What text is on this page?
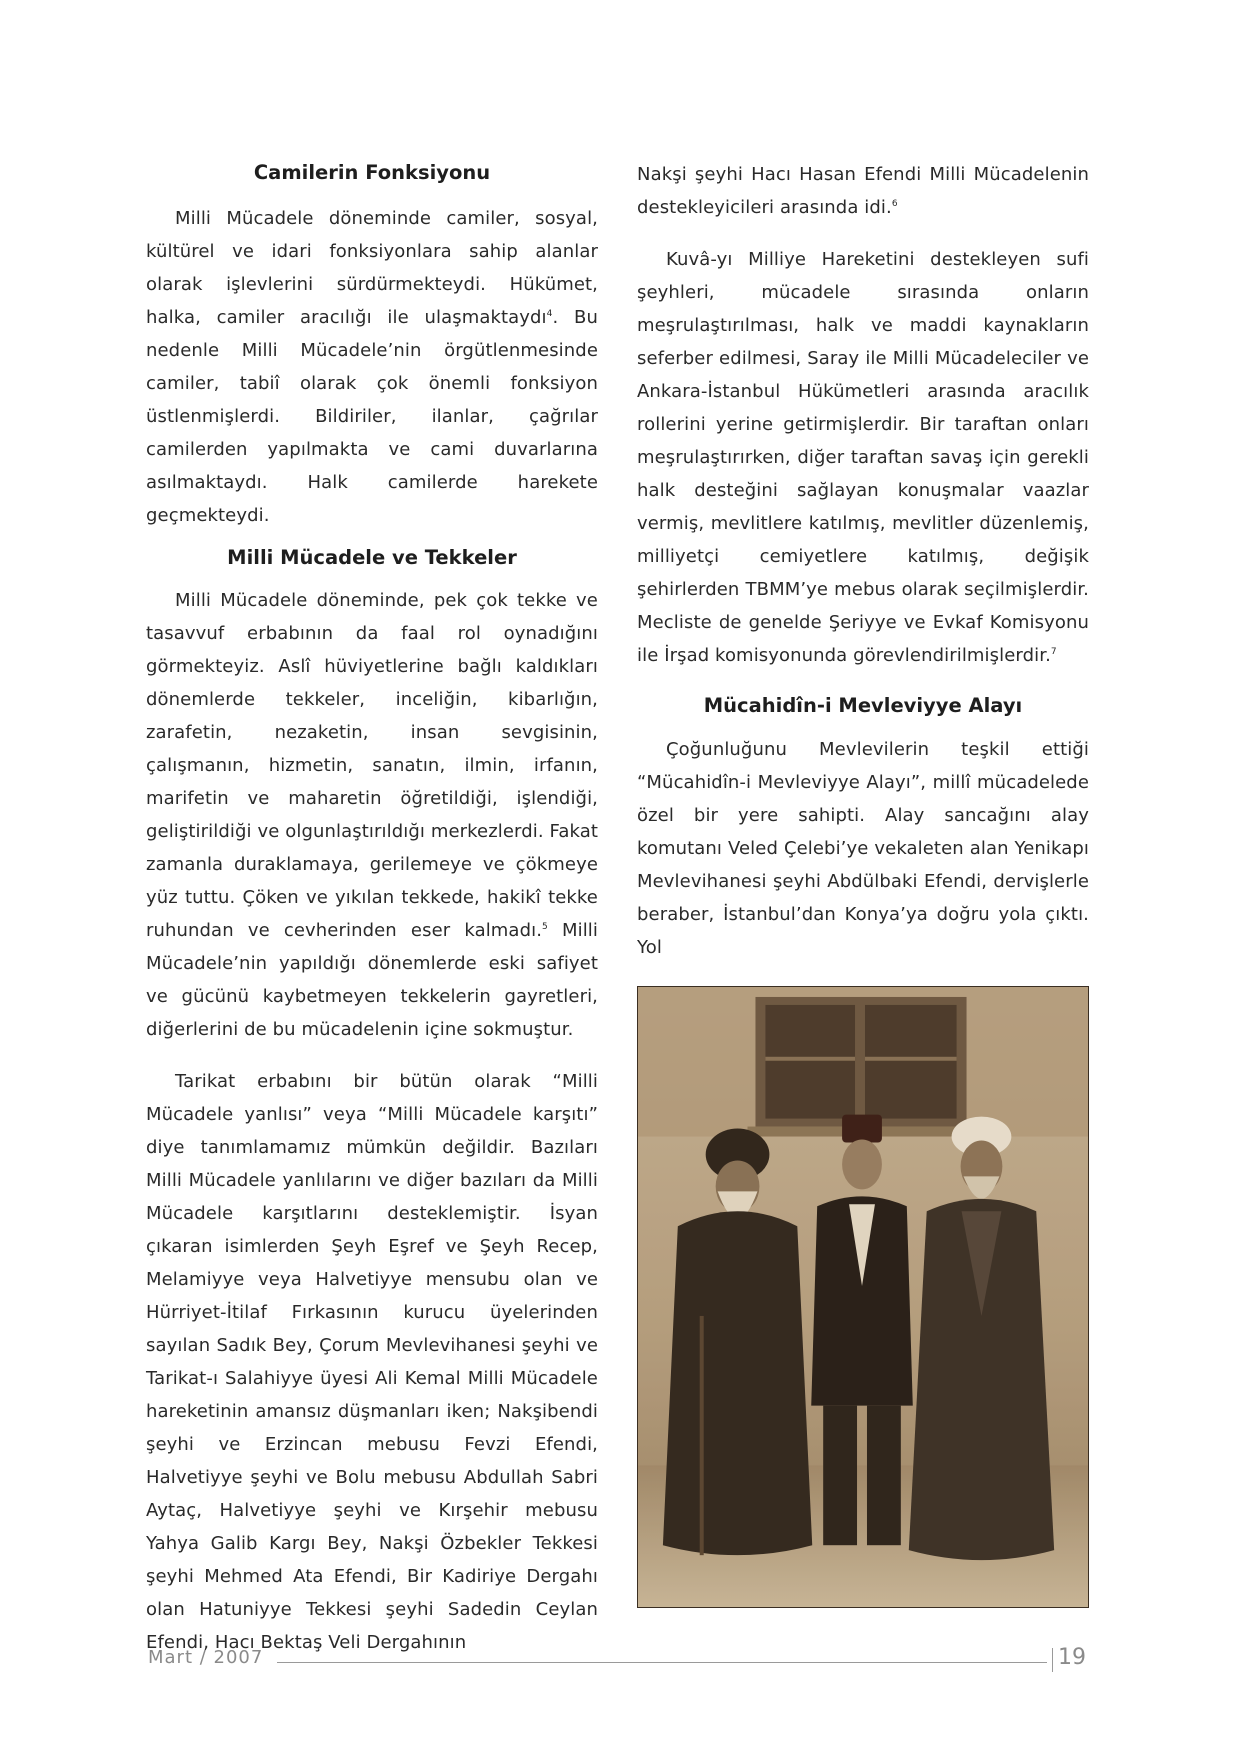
Camilerin Fonksiyonu

Milli Mücadele döneminde camiler, sosyal, kültürel ve idari fonksiyonlara sahip alanlar olarak işlevlerini sürdürmekteydi. Hükümet, halka, camiler aracılığı ile ulaşmaktaydı$^4$. Bu nedenle Milli Mücadele’nin örgütlenmesinde camiler, tabiî olarak çok önemli fonksiyon üstlenmişlerdi. Bildiriler, ilanlar, çağrılar camilerden yapılmakta ve cami duvarlarına asılmaktaydı. Halk camilerde harekete geçmekteydi.

Milli Mücadele ve Tekkeler

Milli Mücadele döneminde, pek çok tekke ve tasavvuf erbabının da faal rol oynadığını görmekteyiz. Aslî hüviyetlerine bağlı kaldıkları dönemlerde tekkeler, inceliğin, kibarlığın, zarafetin, nezaketin, insan sevgisinin, çalışmanın, hizmetin, sanatın, ilmin, irfanın, marifetin ve maharetin öğretildiği, işlendiği, geliştirildiği ve olgunlaştırıldığı merkezlerdi. Fakat zamanla duraklamaya, gerilemeye ve çökmeye yüz tuttu. Çöken ve yıkılan tekkede, hakikî tekke ruhundan ve cevherinden eser kalmadı.$^5$ Milli Mücadele’nin yapıldığı dönemlerde eski safiyet ve gücünü kaybetmeyen tekkelerin gayretleri, diğerlerini de bu mücadelenin içine sokmuştur.

Tarikat erbabını bir bütün olarak “Milli Mücadele yanlısı” veya “Milli Mücadele karşıtı” diye tanımlamamız mümkün değildir. Bazıları Milli Mücadele yanlılarını ve diğer bazıları da Milli Mücadele karşıtlarını desteklemiştir. İsyan çıkaran isimlerden Şeyh Eşref ve Şeyh Recep, Melamiyye veya Halvetiyye mensubu olan ve Hürriyet-İtilaf Fırkasının kurucu üyelerinden sayılan Sadık Bey, Çorum Mevlevihanesi şeyhi ve Tarikat-ı Salahiyye üyesi Ali Kemal Milli Mücadele hareketinin amansız düşmanları iken; Nakşibendi şeyhi ve Erzincan mebusu Fevzi Efendi, Halvetiyye şeyhi ve Bolu mebusu Abdullah Sabri Aytaç, Halvetiyye şeyhi ve Kırşehir mebusu Yahya Galib Kargı Bey, Nakşi Özbekler Tekkesi şeyhi Mehmed Ata Efendi, Bir Kadiriye Dergahı olan Hatuniyye Tekkesi şeyhi Sadedin Ceylan Efendi, Hacı Bektaş Veli Dergahının

Nakşi şeyhi Hacı Hasan Efendi Milli Mücadelenin destekleyicileri arasında idi.$^6$

Kuvâ-yı Milliye Hareketini destekleyen sufi şeyhleri, mücadele sırasında onların meşrulaştırılması, halk ve maddi kaynakların seferber edilmesi, Saray ile Milli Mücadeleciler ve Ankara-İstanbul Hükümetleri arasında aracılık rollerini yerine getirmişlerdir. Bir taraftan onları meşrulaştırırken, diğer taraftan savaş için gerekli halk desteğini sağlayan konuşmalar vaazlar vermiş, mevlitlere katılmış, mevlitler düzenlemiş, milliyetçi cemiyetlere katılmış, değişik şehirlerden TBMM’ye mebus olarak seçilmişlerdir. Mecliste de genelde Şeriyye ve Evkaf Komisyonu ile İrşad komisyonunda görevlendirilmişlerdir.$^7$

Mücahidîn-i Mevleviyye Alayı

Çoğunluğunu Mevlevilerin teşkil ettiği “Mücahidîn-i Mevleviyye Alayı”, millî mücadelede özel bir yere sahipti. Alay sancağını alay komutanı Veled Çelebi’ye vekaleten alan Yenikapı Mevlevihanesi şeyhi Abdülbaki Efendi, dervişlerle beraber, İstanbul’dan Konya’ya doğru yola çıktı. Yol

Mart / 2007	19
